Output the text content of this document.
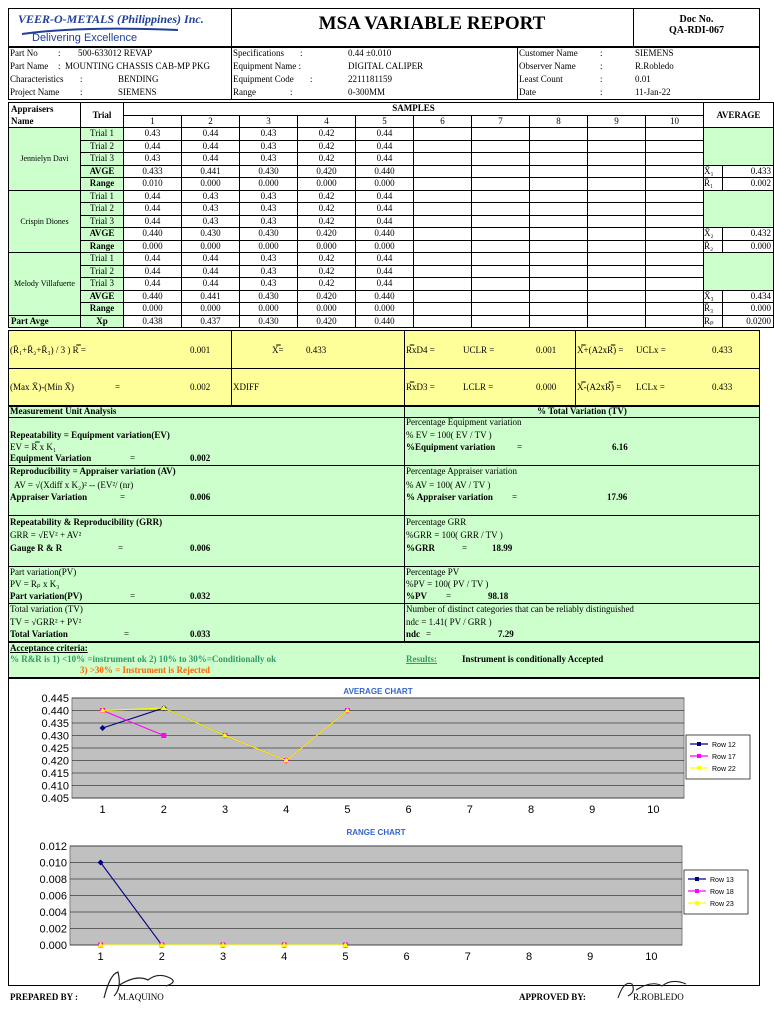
VEER-O-METALS (Philippines) Inc.
Delivering Excellence
MSA VARIABLE REPORT	Doc No.
QA-RDI-067
Part No : 500-633012 REVAP
Part Name : MOUNTING CHASSIS CAB-MP PKG
Characteristics :	BENDING
Project Name :	SIEMENS
Specifications :	0.44 ±0.010
Equipment Name :	DIGITAL CALIPER
Equipment Code :	2211181159
Range	:	0-300MM
Customer Name :	SIEMENS
Observer Name	:	R.Robledo
Least Count	:	0.01
Date	:	11-Jan-22
Appraisers	Trial	SAMPLES										AVERAGE	
Name		1	2	3	4	5	6	7	8	9	10		
Jennielyn Davi	Trial 1	0.43	0.44	0.43	0.42	0.44							
	Trial 2	0.44	0.44	0.43	0.42	0.44							
	Trial 3	0.43	0.44	0.43	0.42	0.44							
	AVGE	0.433	0.441	0.430	0.420	0.440						X̄₁	0.433
	Range	0.010	0.000	0.000	0.000	0.000						R̄₁	0.002
Crispin Diones	Trial 1	0.44	0.43	0.43	0.42	0.44							
	Trial 2	0.44	0.43	0.43	0.42	0.44							
	Trial 3	0.44	0.43	0.43	0.42	0.44							
	AVGE	0.440	0.430	0.430	0.420	0.440						X̄₂	0.432
	Range	0.000	0.000	0.000	0.000	0.000						R̄₂	0.000
Melody Villafuerte	Trial 1	0.44	0.44	0.43	0.42	0.44							
	Trial 2	0.44	0.44	0.43	0.42	0.44							
	Trial 3	0.44	0.44	0.43	0.42	0.44							
	AVGE	0.440	0.441	0.430	0.420	0.440						X̄₃	0.434
	Range	0.000	0.000	0.000	0.000	0.000						R̄₃	0.000
Part Avge	Xp	0.438	0.437	0.430	0.420	0.440						Rₚ	0.0200
(R̄₁+R̄₂+R̄₃) / 3 ) R̿ =	0.001	X̿= 0.433	R̿xD4 =	UCLR =	0.001 X̿+(A2xR̿) = UCLx =	0.433
(Max X̄)-(Min X̄)	=	0.002	XDIFF	R̿xD3 =	LCLR =	0.000 X̿-(A2xR̿) = LCLx =	0.433
Measurement Unit Analysis	% Total Variation (TV)
Repeatability = Equipment variation(EV)
EV = R̿ x K₁
Equipment Variation	=	0.002
Percentage Equipment variation
% EV = 100( EV / TV )
%Equipment variation =	6.16
Reproducibility = Appraiser variation (AV)
AV = √(Xdiff x K₂)² -- (EV²/ (nr)
Appraiser Variation	=	0.006
Percentage Appraiser variation
% AV = 100( AV / TV )
% Appraiser variation =	17.96
Repeatability & Reproducibility (GRR)
GRR = √EV² + AV²
Gauge R & R	=	0.006
Percentage GRR
%GRR = 100( GRR / TV )
%GRR	=	18.99
Part variation(PV)
PV = Rₚ x K₃
Part variation(PV)	=	0.032
Percentage PV
%PV = 100( PV / TV )
%PV =	98.18
Total variation (TV)
TV = √GRR² + PV²
Total Variation	=	0.033
Number of distinct categories that can be reliably distinguished
ndc = 1.41( PV / GRR )
ndc =	7.29
Acceptance criteria:
% R&R is 1) <10% =instrument ok 2) 10% to 30%=Conditionally ok
3) >30% = Instrument is Rejected
Results:	Instrument is conditionally Accepted
AVERAGE CHART
0.405
0.410
0.415
0.420
0.425
0.430
0.435
0.440
0.445
1	2	3	4	5	6	7	8	9	10
Row 12
Row 17
Row 22
RANGE CHART
0.000
0.002
0.004
0.006
0.008
0.010
0.012
1	2	3	4	5	6	7	8	9	10
Row 13
Row 18
Row 23
PREPARED BY :	M.AQUINO	APPROVED BY:	R.ROBLEDO
